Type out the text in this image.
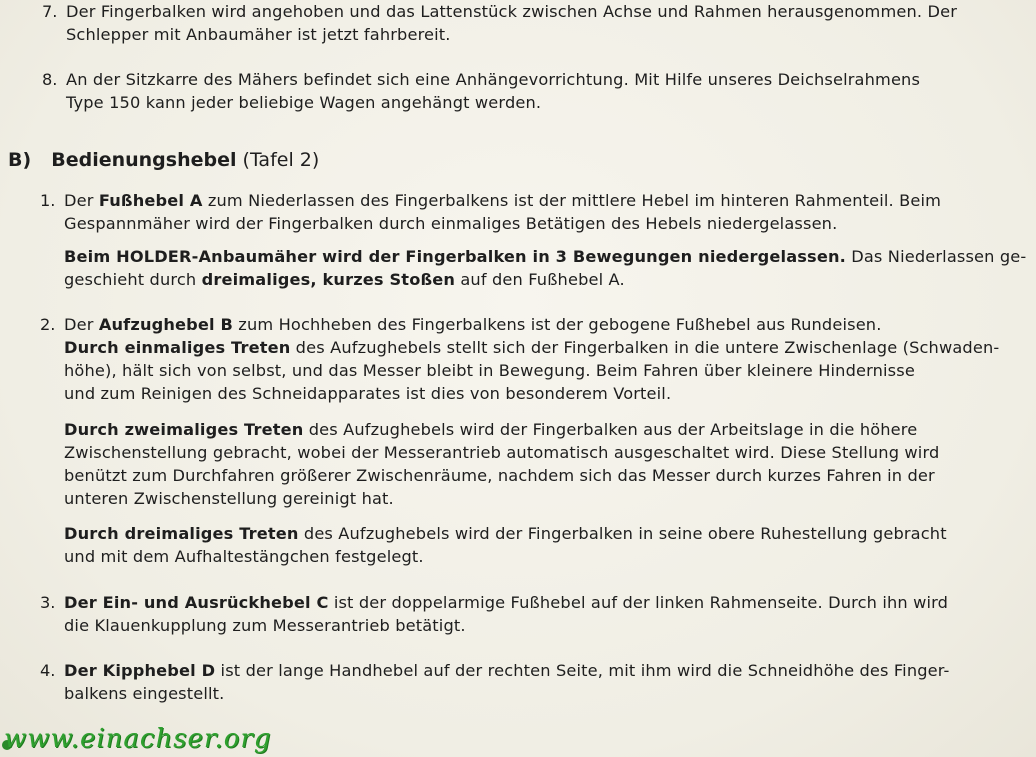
7. Der Fingerbalken wird angehoben und das Lattenstück zwischen Achse und Rahmen herausgenommen. Der
Schlepper mit Anbaumäher ist jetzt fahrbereit.
8. An der Sitzkarre des Mähers befindet sich eine Anhängevorrichtung. Mit Hilfe unseres Deichselrahmens
Type 150 kann jeder beliebige Wagen angehängt werden.
B) Bedienungshebel (Tafel 2)
1. Der Fußhebel A zum Niederlassen des Fingerbalkens ist der mittlere Hebel im hinteren Rahmenteil. Beim
Gespannmäher wird der Fingerbalken durch einmaliges Betätigen des Hebels niedergelassen.
Beim HOLDER-Anbaumäher wird der Fingerbalken in 3 Bewegungen niedergelassen. Das Niederlassen ge-
geschieht durch dreimaliges, kurzes Stoßen auf den Fußhebel A.
2. Der Aufzughebel B zum Hochheben des Fingerbalkens ist der gebogene Fußhebel aus Rundeisen.
Durch einmaliges Treten des Aufzughebels stellt sich der Fingerbalken in die untere Zwischenlage (Schwaden-
höhe), hält sich von selbst, und das Messer bleibt in Bewegung. Beim Fahren über kleinere Hindernisse
und zum Reinigen des Schneidapparates ist dies von besonderem Vorteil.
Durch zweimaliges Treten des Aufzughebels wird der Fingerbalken aus der Arbeitslage in die höhere
Zwischenstellung gebracht, wobei der Messerantrieb automatisch ausgeschaltet wird. Diese Stellung wird
benützt zum Durchfahren größerer Zwischenräume, nachdem sich das Messer durch kurzes Fahren in der
unteren Zwischenstellung gereinigt hat.
Durch dreimaliges Treten des Aufzughebels wird der Fingerbalken in seine obere Ruhestellung gebracht
und mit dem Aufhaltestängchen festgelegt.
3. Der Ein- und Ausrückhebel C ist der doppelarmige Fußhebel auf der linken Rahmenseite. Durch ihn wird
die Klauenkupplung zum Messerantrieb betätigt.
4. Der Kipphebel D ist der lange Handhebel auf der rechten Seite, mit ihm wird die Schneidhöhe des Finger-
balkens eingestellt.
www.einachser.org
